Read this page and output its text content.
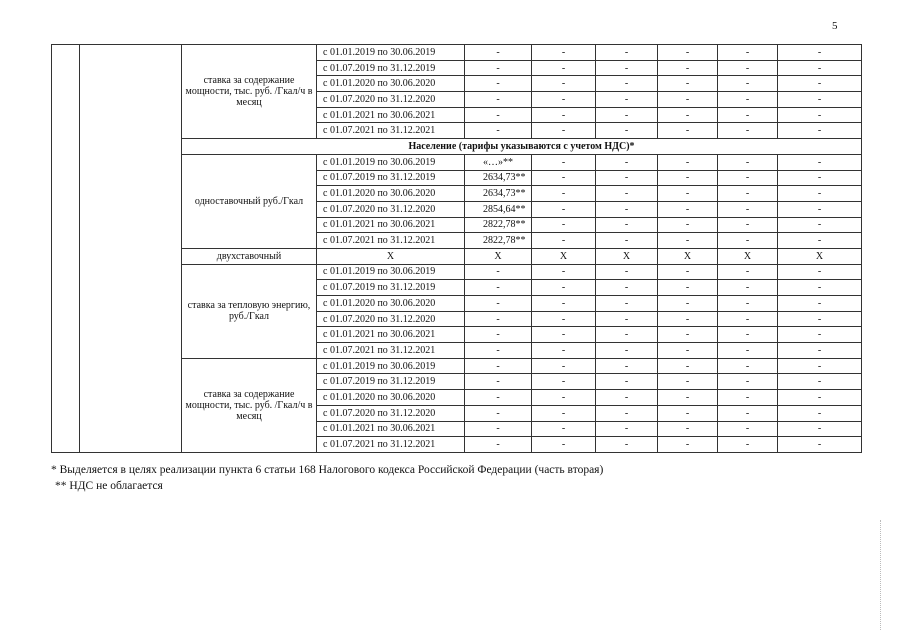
5
		ставка за содержание мощности, тыс. руб. /Гкал/ч в месяц	с 01.01.2019 по 30.06.2019	-	-	-	-	-	-
			с 01.07.2019 по 31.12.2019	-	-	-	-	-	-
			с 01.01.2020 по 30.06.2020	-	-	-	-	-	-
			с 01.07.2020 по 31.12.2020	-	-	-	-	-	-
			с 01.01.2021 по 30.06.2021	-	-	-	-	-	-
			с 01.07.2021 по 31.12.2021	-	-	-	-	-	-
		Население (тарифы указываются с учетом НДС)*							
		одноставочный руб./Гкал	с 01.01.2019 по 30.06.2019	«…»**	-	-	-	-	-
			с 01.07.2019 по 31.12.2019	2634,73**	-	-	-	-	-
			с 01.01.2020 по 30.06.2020	2634,73**	-	-	-	-	-
			с 01.07.2020 по 31.12.2020	2854,64**	-	-	-	-	-
			с 01.01.2021 по 30.06.2021	2822,78**	-	-	-	-	-
			с 01.07.2021 по 31.12.2021	2822,78**	-	-	-	-	-
		двухставочный	Х	Х	Х	Х	Х	Х	Х
		ставка за тепловую энергию, руб./Гкал	с 01.01.2019 по 30.06.2019	-	-	-	-	-	-
			с 01.07.2019 по 31.12.2019	-	-	-	-	-	-
			с 01.01.2020 по 30.06.2020	-	-	-	-	-	-
			с 01.07.2020 по 31.12.2020	-	-	-	-	-	-
			с 01.01.2021 по 30.06.2021	-	-	-	-	-	-
			с 01.07.2021 по 31.12.2021	-	-	-	-	-	-
		ставка за содержание мощности, тыс. руб. /Гкал/ч в месяц	с 01.01.2019 по 30.06.2019	-	-	-	-	-	-
			с 01.07.2019 по 31.12.2019	-	-	-	-	-	-
			с 01.01.2020 по 30.06.2020	-	-	-	-	-	-
			с 01.07.2020 по 31.12.2020	-	-	-	-	-	-
			с 01.01.2021 по 30.06.2021	-	-	-	-	-	-
			с 01.07.2021 по 31.12.2021	-	-	-	-	-	-
* Выделяется в целях реализации пункта 6 статьи 168 Налогового кодекса Российской Федерации (часть вторая)
** НДС не облагается
